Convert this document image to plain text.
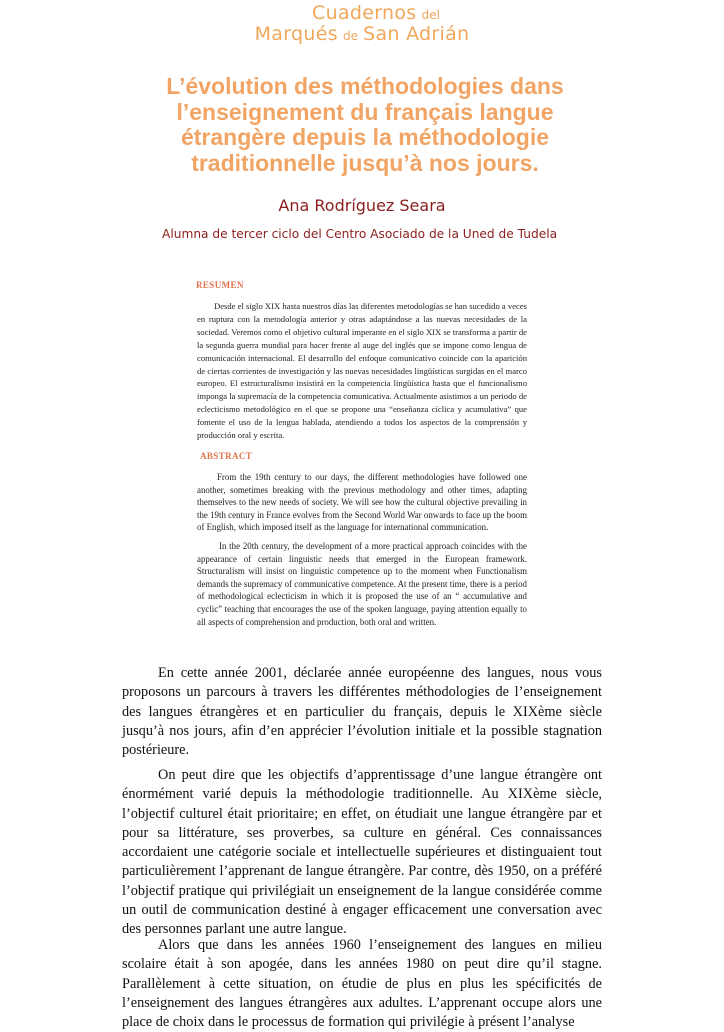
Cuadernos del
Marqués de San Adrián
L’évolution des méthodologies dans l’enseignement du français langue étrangère depuis la méthodologie traditionnelle jusqu’à nos jours.
Ana Rodríguez Seara
Alumna de tercer ciclo del Centro Asociado de la Uned de Tudela
RESUMEN

Desde el siglo XIX hasta nuestros días las diferentes metodologías se han sucedido a veces en ruptura con la metodología anterior y otras adaptándose a las nuevas necesidades de la sociedad. Veremos como el objetivo cultural imperante en el siglo XIX se transforma a partir de la segunda guerra mundial para hacer frente al auge del inglés que se impone como lengua de comunicación internacional. El desarrollo del enfoque comunicativo coincide con la aparición de ciertas corrientes de investigación y las nuevas necesidades lingüísticas surgidas en el marco europeo. El estructuralismo insistirá en la competencia lingüística hasta que el funcionalismo imponga la supremacía de la competencia comunicativa. Actualmente asistimos a un periodo de eclecticismo metodológico en el que se propone una “enseñanza cíclica y acumulativa” que fomente el uso de la lengua hablada, atendiendo a todos los aspectos de la comprensión y producción oral y escrita.

ABSTRACT

From the 19th century to our days, the different methodologies have followed one another, sometimes breaking with the previous methodology and other times, adapting themselves to the new needs of society. We will see how the cultural objective prevailing in the 19th century in France evolves from the Second World War onwards to face up the boom of English, which imposed itself as the language for international communication.

In the 20th century, the development of a more practical approach coincides with the appearance of certain linguistic needs that emerged in the European framework. Structuralism will insist on linguistic competence up to the moment when Functionalism demands the supremacy of communicative competence. At the present time, there is a period of methodological eclecticism in which it is proposed the use of an “ accumulative and cyclic” teaching that encourages the use of the spoken language, paying attention equally to all aspects of comprehension and production, both oral and written.

En cette année 2001, déclarée année européenne des langues, nous vous proposons un parcours à travers les différentes méthodologies de l’enseignement des langues étrangères et en particulier du français, depuis le XIXème siècle jusqu’à nos jours, afin d’en apprécier l’évolution initiale et la possible stagnation postérieure.

On peut dire que les objectifs d’apprentissage d’une langue étrangère ont énormément varié depuis la méthodologie traditionnelle. Au XIXème siècle, l’objectif culturel était prioritaire; en effet, on étudiait une langue étrangère par et pour sa littérature, ses proverbes, sa culture en général. Ces connaissances accordaient une catégorie sociale et intellectuelle supérieures et distinguaient tout particulièrement l’apprenant de langue étrangère. Par contre, dès 1950, on a préféré l’objectif pratique qui privilégiait un enseignement de la langue considérée comme un outil de communication destiné à engager efficacement une conversation avec des personnes parlant une autre langue.

Alors que dans les années 1960 l’enseignement des langues en milieu scolaire était à son apogée, dans les années 1980 on peut dire qu’il stagne. Parallèlement à cette situation, on étudie de plus en plus les spécificités de l’enseignement des langues étrangères aux adultes. L’apprenant occupe alors une place de choix dans le processus de formation qui privilégie à présent l’analyse
